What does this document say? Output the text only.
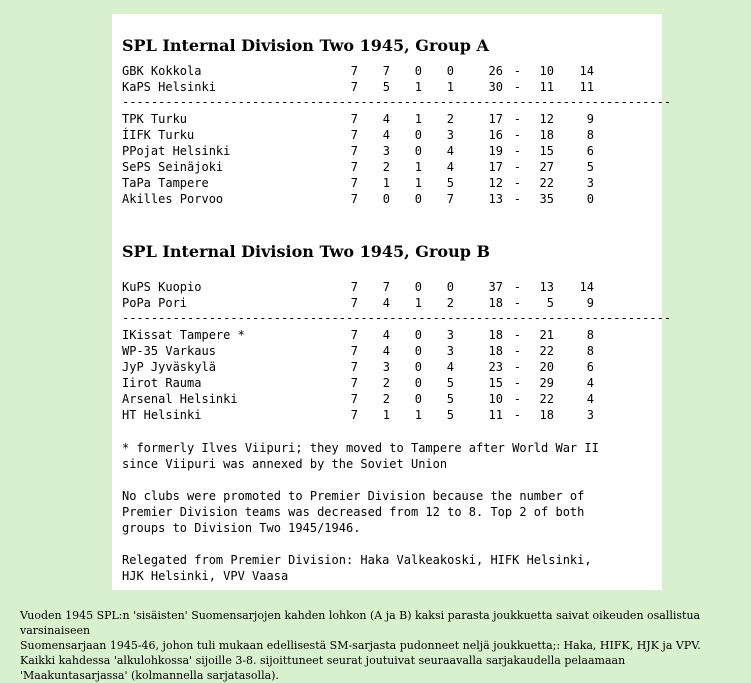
SPL Internal Division Two 1945, Group A
GBK Kokkola	7	7	0	0	26 -	10	14
KaPS Helsinki	7	5	1	1	30 -	11	11
----------------------------------------------------------------------------
TPK Turku	7	4	1	2	17 -	12	9
ÍIFK Turku	7	4	0	3	16 -	18	8
PPojat Helsinki	7	3	0	4	19 -	15	6
SePS Seinäjoki	7	2	1	4	17 -	27	5
TaPa Tampere	7	1	1	5	12 -	22	3
Akilles Porvoo	7	0	0	7	13 -	35	0
SPL Internal Division Two 1945, Group B
KuPS Kuopio	7	7	0	0	37 -	13	14
PoPa Pori	7	4	1	2	18 -	5	9
----------------------------------------------------------------------------
IKissat Tampere *	7	4	0	3	18 -	21	8
WP-35 Varkaus	7	4	0	3	18 -	22	8
JyP Jyväskylä	7	3	0	4	23 -	20	6
Iirot Rauma	7	2	0	5	15 -	29	4
Arsenal Helsinki	7	2	0	5	10 -	22	4
HT Helsinki	7	1	1	5	11 -	18	3
* formerly Ilves Viipuri; they moved to Tampere after World War II
since Viipuri was annexed by the Soviet Union
No clubs were promoted to Premier Division because the number of
Premier Division teams was decreased from 12 to 8. Top 2 of both
groups to Division Two 1945/1946.
Relegated from Premier Division: Haka Valkeakoski, HIFK Helsinki,
HJK Helsinki, VPV Vaasa
Vuoden 1945 SPL:n 'sisäisten' Suomensarjojen kahden lohkon (A ja B) kaksi parasta joukkuetta saivat oikeuden osallistua varsinaiseen
Suomensarjaan 1945-46, johon tuli mukaan edellisestä SM-sarjasta pudonneet neljä joukkuetta;: Haka, HIFK, HJK ja VPV.
Kaikki kahdessa 'alkulohkossa' sijoille 3-8. sijoittuneet seurat joutuivat seuraavalla sarjakaudella pelaamaan
'Maakuntasarjassa' (kolmannella sarjatasolla).
